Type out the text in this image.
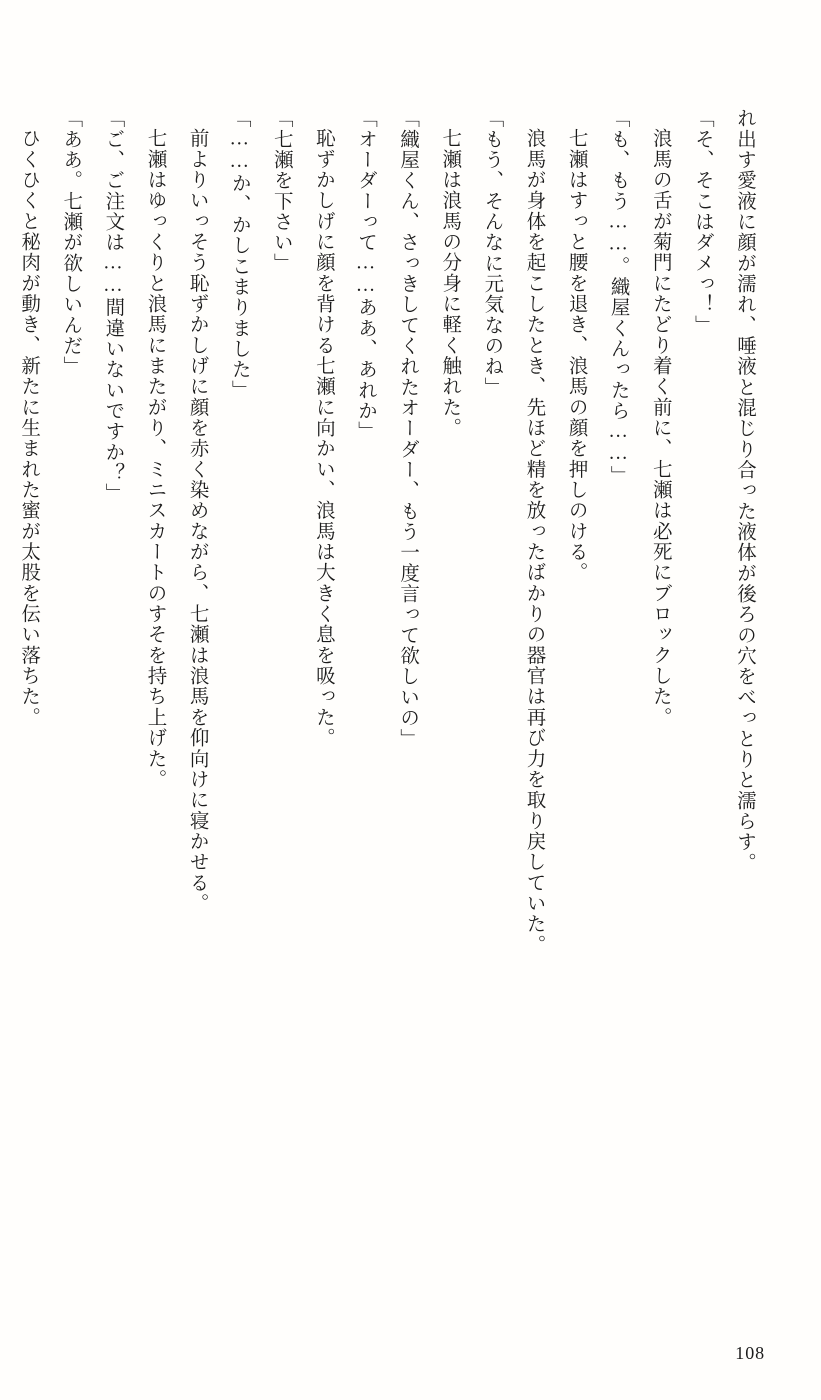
れ出す愛液に顔が濡れ、唾液と混じり合った液体が後ろの穴をべっとりと濡らす。
「そ、そこはダメっ！」
浪馬の舌が菊門にたどり着く前に、七瀬は必死にブロックした。
「も、もう……。織屋くんったら……」
七瀬はすっと腰を退き、浪馬の顔を押しのける。
浪馬が身体を起こしたとき、先ほど精を放ったばかりの器官は再び力を取り戻していた。
「もう、そんなに元気なのね」
七瀬は浪馬の分身に軽く触れた。
「織屋くん、さっきしてくれたオーダー、もう一度言って欲しいの」
「オーダーって……ああ、あれか」
恥ずかしげに顔を背ける七瀬に向かい、浪馬は大きく息を吸った。
「七瀬を下さい」
「……か、かしこまりました」
前よりいっそう恥ずかしげに顔を赤く染めながら、七瀬は浪馬を仰向けに寝かせる。
七瀬はゆっくりと浪馬にまたがり、ミニスカートのすそを持ち上げた。
「ご、ご注文は……間違いないですか？」
「ああ。七瀬が欲しいんだ」
ひくひくと秘肉が動き、新たに生まれた蜜が太股を伝い落ちた。
108
